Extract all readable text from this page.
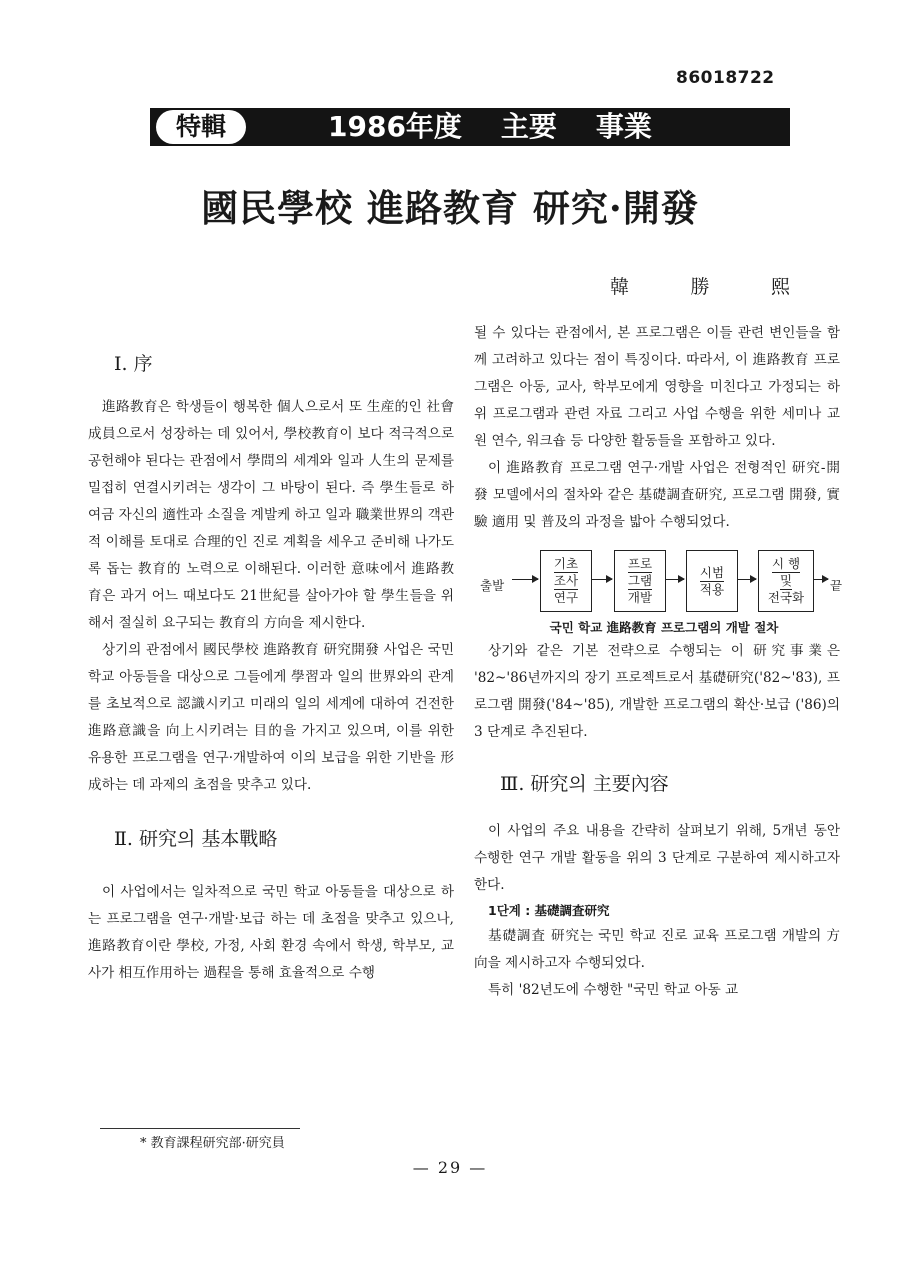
86018722
特輯	1986年度    主要    事業
國民學校 進路教育 研究·開發
韓 勝 熙
Ⅰ. 序

進路教育은 학생들이 행복한 個人으로서 또 生産的인 社會成員으로서 성장하는 데 있어서, 學校教育이 보다 적극적으로 공헌해야 된다는 관점에서 學問의 세계와 일과 人生의 문제를 밀접히 연결시키려는 생각이 그 바탕이 된다. 즉 學生들로 하여금 자신의 適性과 소질을 계발케 하고 일과 職業世界의 객관적 이해를 토대로 合理的인 진로 계획을 세우고 준비해 나가도록 돕는 教育的 노력으로 이해된다. 이러한 意味에서 進路教育은 과거 어느 때보다도 21世紀를 살아가야 할 學生들을 위해서 절실히 요구되는 教育의 方向을 제시한다.

상기의 관점에서 國民學校 進路教育 研究開發 사업은 국민 학교 아동들을 대상으로 그들에게 學習과 일의 世界와의 관계를 초보적으로 認識시키고 미래의 일의 세계에 대하여 건전한 進路意識을 向上시키려는 目的을 가지고 있으며, 이를 위한 유용한 프로그램을 연구·개발하여 이의 보급을 위한 기반을 形成하는 데 과제의 초점을 맞추고 있다.

Ⅱ. 研究의 基本戰略

이 사업에서는 일차적으로 국민 학교 아동들을 대상으로 하는 프로그램을 연구·개발·보급 하는 데 초점을 맞추고 있으나, 進路教育이란 學校, 가정, 사회 환경 속에서 학생, 학부모, 교사가 相互作用하는 過程을 통해 효율적으로 수행

될 수 있다는 관점에서, 본 프로그램은 이들 관련 변인들을 함께 고려하고 있다는 점이 특징이다. 따라서, 이 進路教育 프로그램은 아동, 교사, 학부모에게 영향을 미친다고 가정되는 하위 프로그램과 관련 자료 그리고 사업 수행을 위한 세미나 교원 연수, 워크숍 등 다양한 활동들을 포함하고 있다.

이 進路教育 프로그램 연구·개발 사업은 전형적인 研究-開發 모델에서의 절차와 같은 基礎調査研究, 프로그램 開發, 實驗 適用 및 普及의 과정을 밟아 수행되었다.

출발
기초
조사
연구
프로
그램
개발
시범
적용
시 행
및
전국화
끝

국민 학교 進路教育 프로그램의 개발 절차

상기와 같은 기본 전략으로 수행되는 이 研究事業은 '82~'86년까지의 장기 프로젝트로서 基礎研究('82~'83), 프로그램 開發('84~'85), 개발한 프로그램의 확산·보급 ('86)의 3 단계로 추진된다.

Ⅲ. 研究의 主要內容

이 사업의 주요 내용을 간략히 살펴보기 위해, 5개년 동안 수행한 연구 개발 활동을 위의 3 단계로 구분하여 제시하고자 한다.

1단계 : 基礎調査研究

基礎調査 研究는 국민 학교 진로 교육 프로그램 개발의 方向을 제시하고자 수행되었다.

특히 '82년도에 수행한 "국민 학교 아동 교

* 教育課程研究部·研究員
— 29 —
